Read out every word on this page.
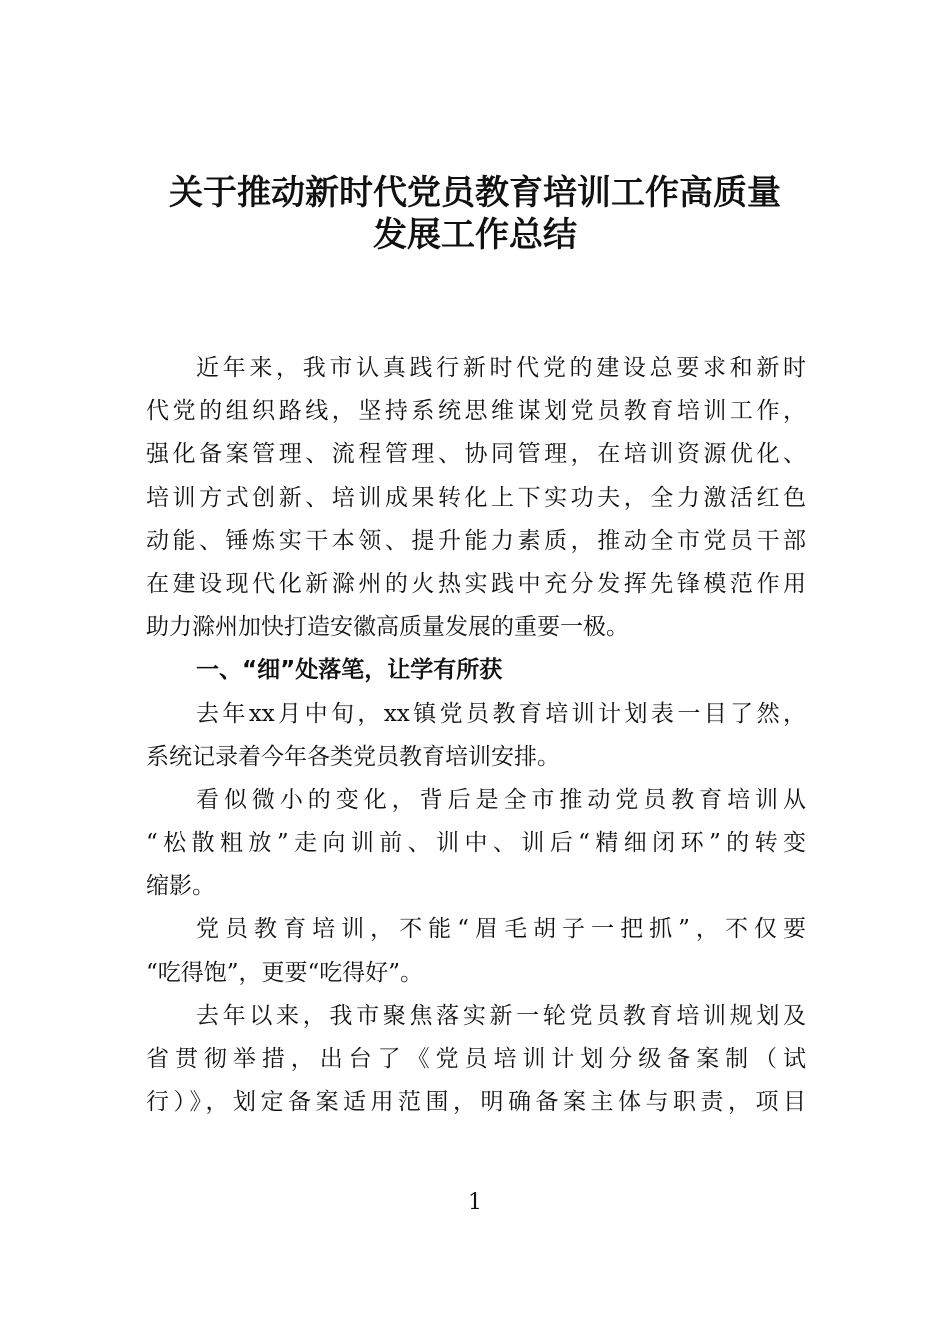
关于推动新时代党员教育培训工作高质量
发展工作总结
近年来，我市认真践行新时代党的建设总要求和新时
代党的组织路线，坚持系统思维谋划党员教育培训工作，
强化备案管理、流程管理、协同管理，在培训资源优化、
培训方式创新、培训成果转化上下实功夫，全力激活红色
动能、锤炼实干本领、提升能力素质，推动全市党员干部
在建设现代化新滁州的火热实践中充分发挥先锋模范作用
助力滁州加快打造安徽高质量发展的重要一极。
一、“细”处落笔，让学有所获
去年xx月中旬，xx镇党员教育培训计划表一目了然，
系统记录着今年各类党员教育培训安排。
看似微小的变化，背后是全市推动党员教育培训从
“松散粗放”走向训前、训中、训后“精细闭环”的转变
缩影。
党员教育培训，不能“眉毛胡子一把抓”，不仅要
“吃得饱”，更要“吃得好”。
去年以来，我市聚焦落实新一轮党员教育培训规划及
省贯彻举措，出台了《党员培训计划分级备案制（试
行）》，划定备案适用范围，明确备案主体与职责，项目
1
